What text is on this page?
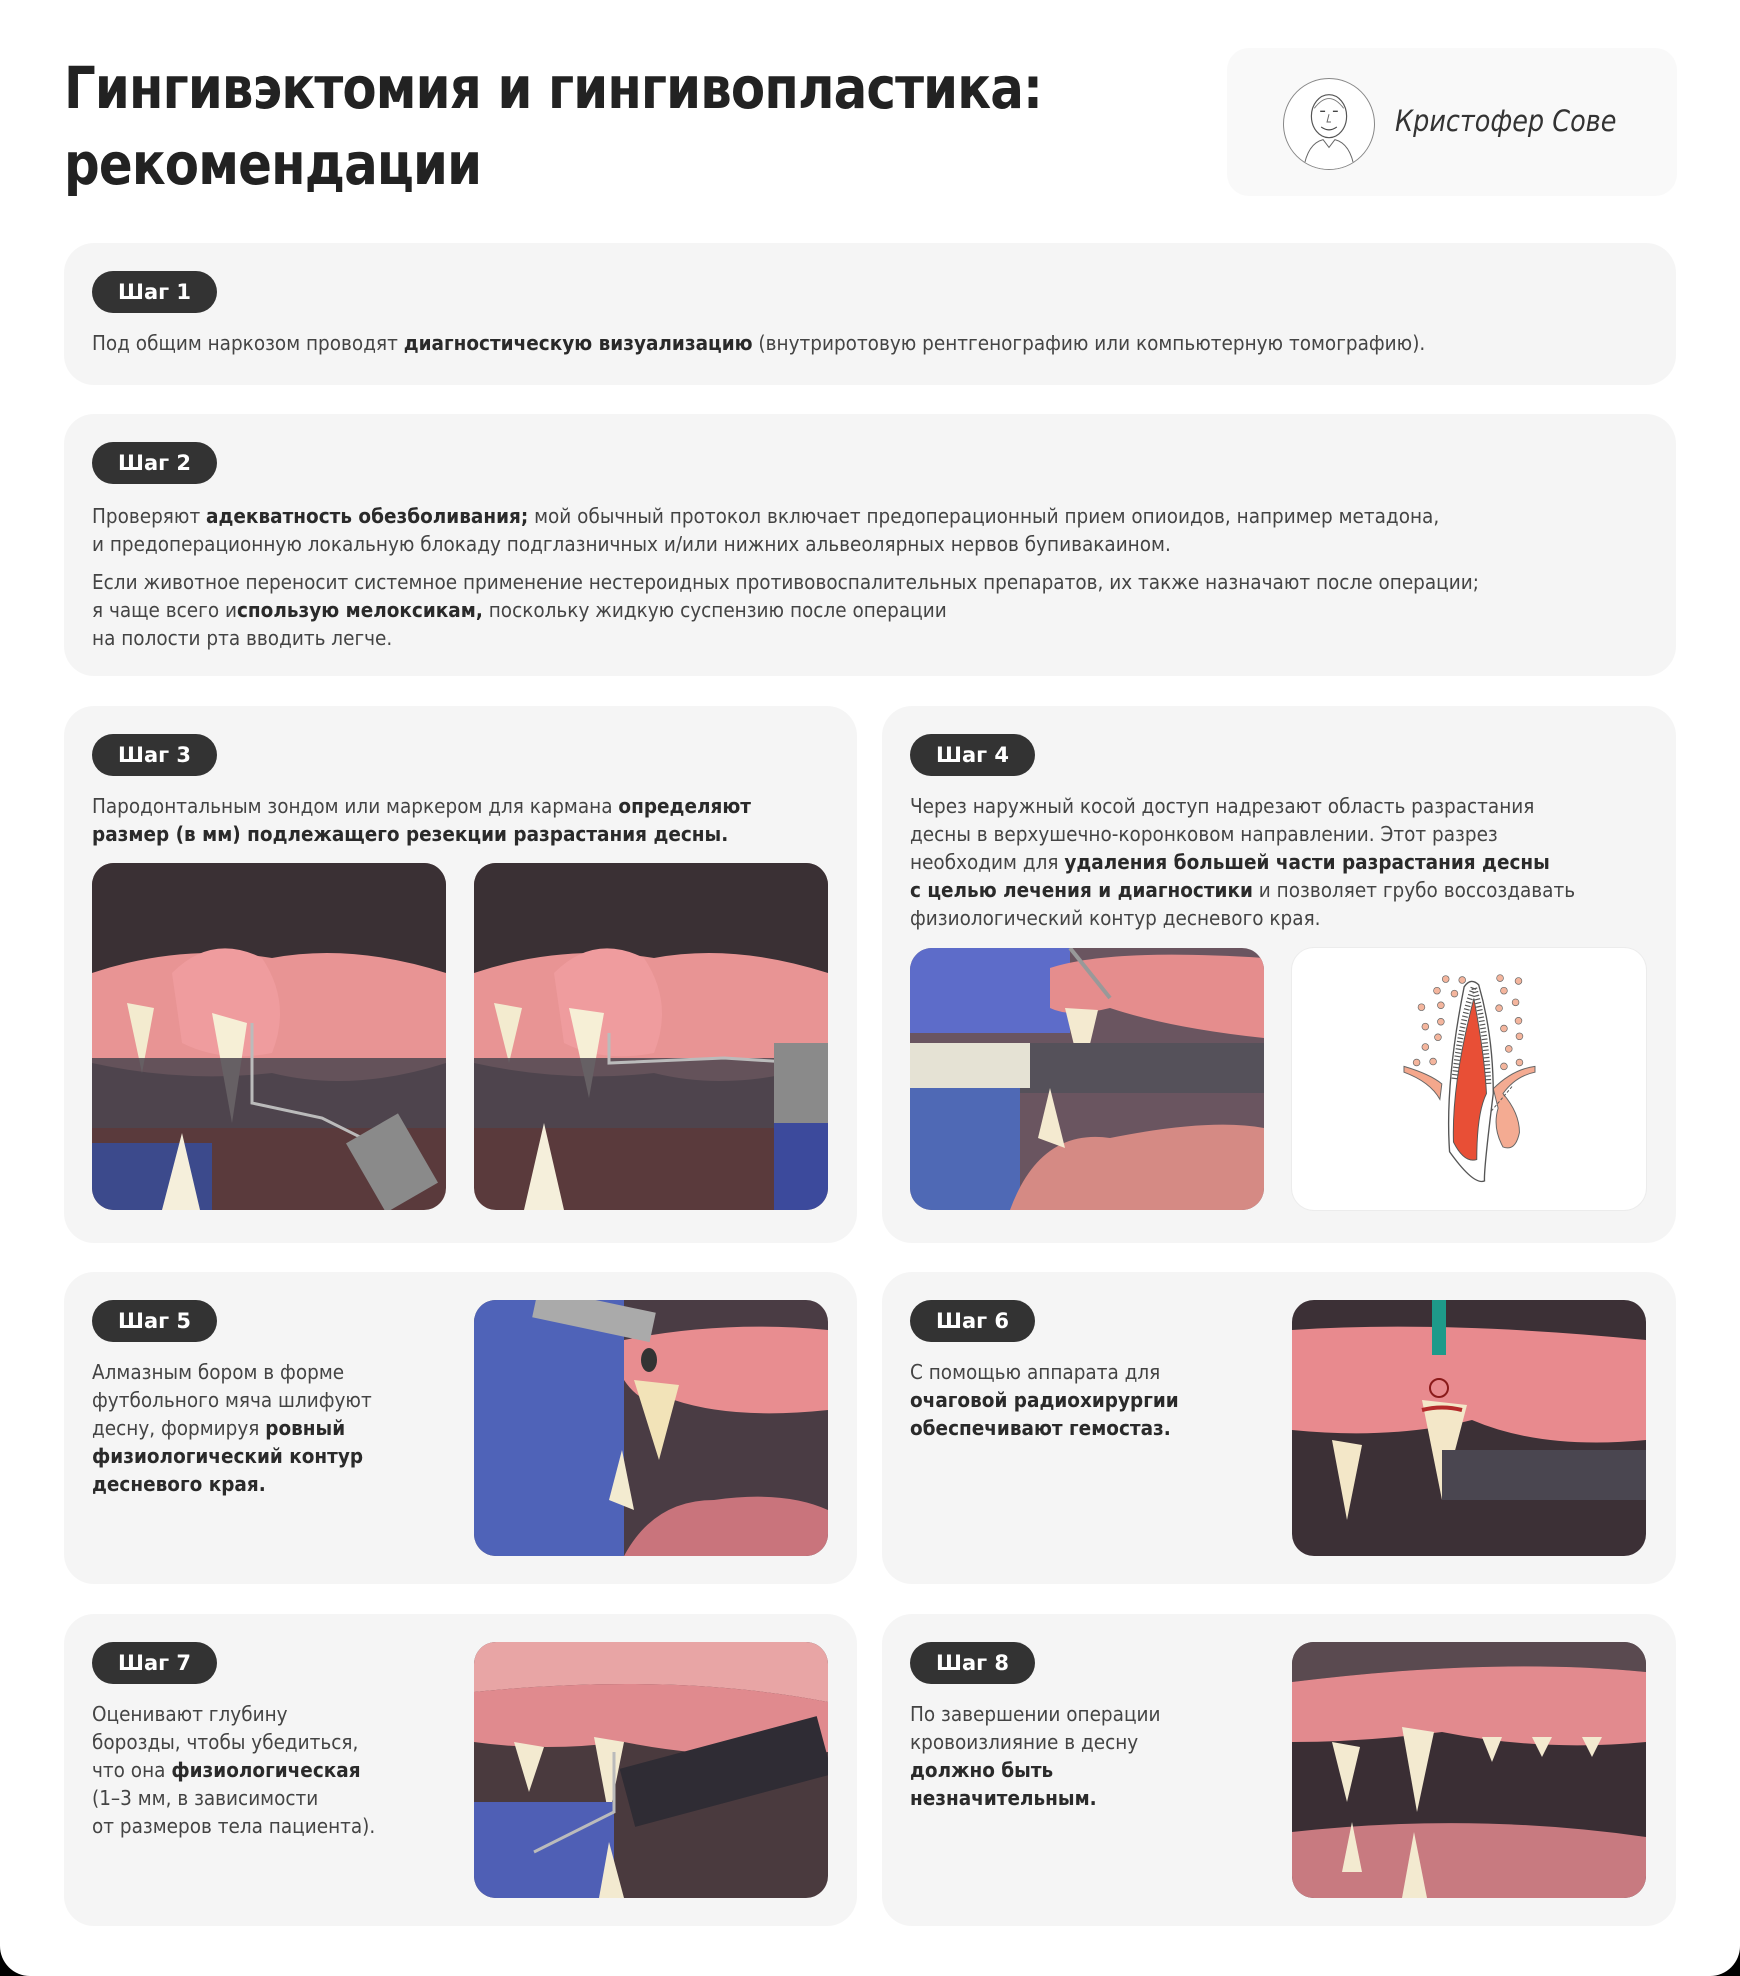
Гингивэктомия и гингивопластика:
рекомендации
Кристофер Сове
Шаг 1

Под общим наркозом проводят диагностическую визуализацию (внутриротовую рентгенографию или компьютерную томографию).

Шаг 2

Проверяют адекватность обезболивания; мой обычный протокол включает предоперационный прием опиоидов, например метадона,
и предоперационную локальную блокаду подглазничных и/или нижних альвеолярных нервов бупивакаином.

Если животное переносит системное применение нестероидных противовоспалительных препаратов, их также назначают после операции;
я чаще всего использую мелоксикам, поскольку жидкую суспензию после операции
на полости рта вводить легче.

Шаг 3

Пародонтальным зондом или маркером для кармана определяют
размер (в мм) подлежащего резекции разрастания десны.

Шаг 4

Через наружный косой доступ надрезают область разрастания
десны в верхушечно-коронковом направлении. Этот разрез
необходим для удаления большей части разрастания десны
с целью лечения и диагностики и позволяет грубо воссоздавать
физиологический контур десневого края.

Шаг 5

Алмазным бором в форме
футбольного мяча шлифуют
десну, формируя ровный
физиологический контур
десневого края.

Шаг 6

С помощью аппарата для
очаговой радиохирургии
обеспечивают гемостаз.

Шаг 7

Оценивают глубину
борозды, чтобы убедиться,
что она физиологическая
(1–3 мм, в зависимости
от размеров тела пациента).

Шаг 8

По завершении операции
кровоизлияние в десну
должно быть
незначительным.
